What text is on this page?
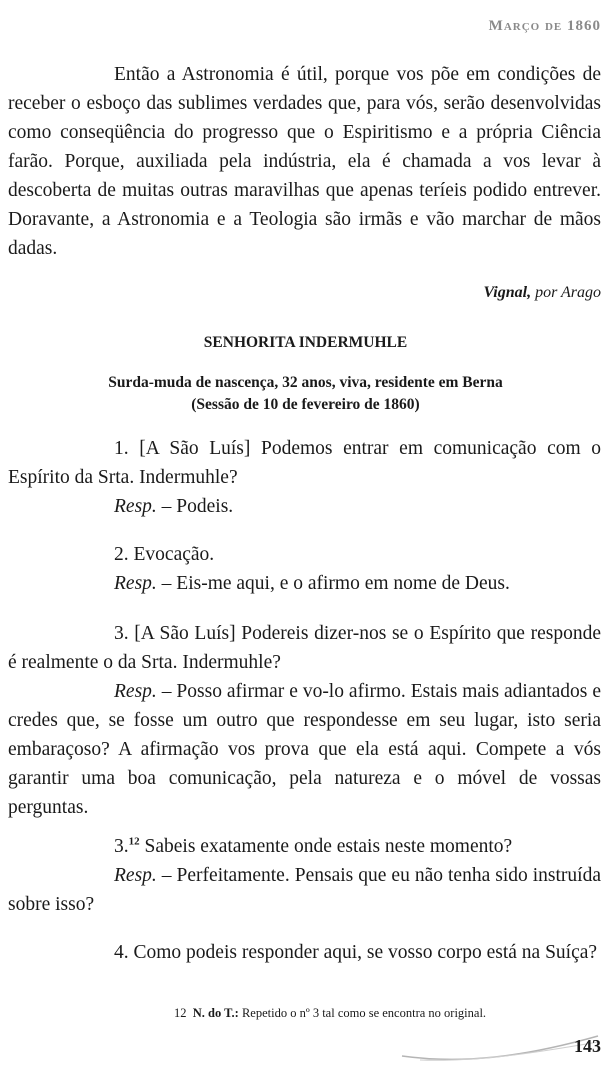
Março de 1860

Então a Astronomia é útil, porque vos põe em condições de receber o esboço das sublimes verdades que, para vós, serão desenvolvidas como conseqüência do progresso que o Espiritismo e a própria Ciência farão. Porque, auxiliada pela indústria, ela é chamada a vos levar à descoberta de muitas outras maravilhas que apenas teríeis podido entrever. Doravante, a Astronomia e a Teologia são irmãs e vão marchar de mãos dadas.

Vignal, por Arago
SENHORITA INDERMUHLE
Surda-muda de nascença, 32 anos, viva, residente em Berna
(Sessão de 10 de fevereiro de 1860)

1. [A São Luís] Podemos entrar em comunicação com o Espírito da Srta. Indermuhle?

Resp. – Podeis.

2. Evocação.

Resp. – Eis-me aqui, e o afirmo em nome de Deus.

3. [A São Luís] Podereis dizer-nos se o Espírito que responde é realmente o da Srta. Indermuhle?

Resp. – Posso afirmar e vo-lo afirmo. Estais mais adiantados e credes que, se fosse um outro que respondesse em seu lugar, isto seria embaraçoso? A afirmação vos prova que ela está aqui. Compete a vós garantir uma boa comunicação, pela natureza e o móvel de vossas perguntas.

3.12 Sabeis exatamente onde estais neste momento?

Resp. – Perfeitamente. Pensais que eu não tenha sido instruída sobre isso?

4. Como podeis responder aqui, se vosso corpo está na Suíça?

12 N. do T.: Repetido o nº 3 tal como se encontra no original.
143
